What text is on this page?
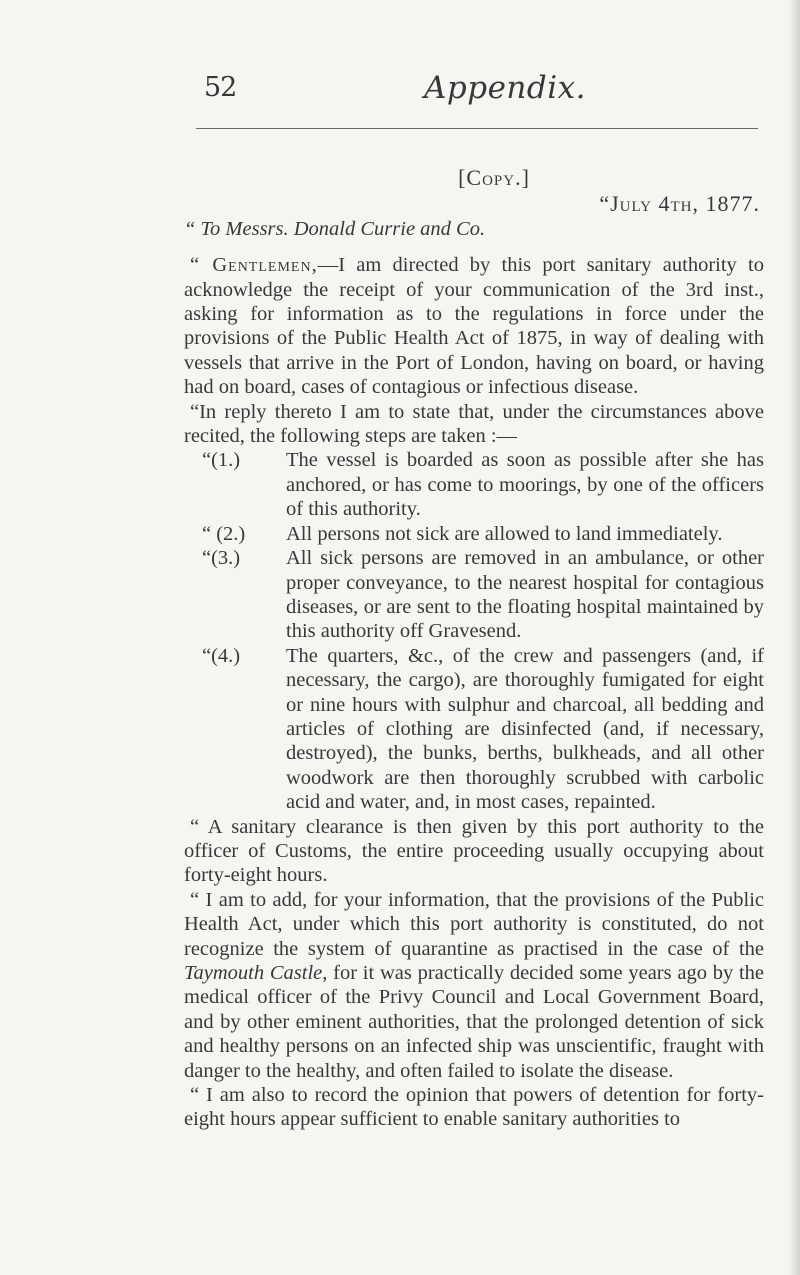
52	Appendix.
[Copy.]
“July 4th, 1877.
“ To Messrs. Donald Currie and Co.

“ Gentlemen,—I am directed by this port sanitary authority to acknowledge the receipt of your communication of the 3rd inst., asking for information as to the regulations in force under the provisions of the Public Health Act of 1875, in way of dealing with vessels that arrive in the Port of London, having on board, or having had on board, cases of contagious or infectious disease.

“In reply thereto I am to state that, under the circumstances above recited, the following steps are taken :—

“(1.)	The vessel is boarded as soon as possible after she has anchored, or has come to moorings, by one of the officers of this authority.

“ (2.)	All persons not sick are allowed to land immediately.

“(3.)	All sick persons are removed in an ambulance, or other proper conveyance, to the nearest hospital for contagious diseases, or are sent to the floating hospital maintained by this authority off Gravesend.

“(4.)	The quarters, &c., of the crew and passengers (and, if necessary, the cargo), are thoroughly fumigated for eight or nine hours with sulphur and charcoal, all bedding and articles of clothing are disinfected (and, if necessary, destroyed), the bunks, berths, bulkheads, and all other woodwork are then thoroughly scrubbed with carbolic acid and water, and, in most cases, repainted.

“ A sanitary clearance is then given by this port authority to the officer of Customs, the entire proceeding usually occupying about forty-eight hours.

“ I am to add, for your information, that the provisions of the Public Health Act, under which this port authority is constituted, do not recognize the system of quarantine as practised in the case of the Taymouth Castle, for it was practically decided some years ago by the medical officer of the Privy Council and Local Government Board, and by other eminent authorities, that the prolonged detention of sick and healthy persons on an infected ship was unscientific, fraught with danger to the healthy, and often failed to isolate the disease.

“ I am also to record the opinion that powers of detention for forty-eight hours appear sufficient to enable sanitary authorities to
